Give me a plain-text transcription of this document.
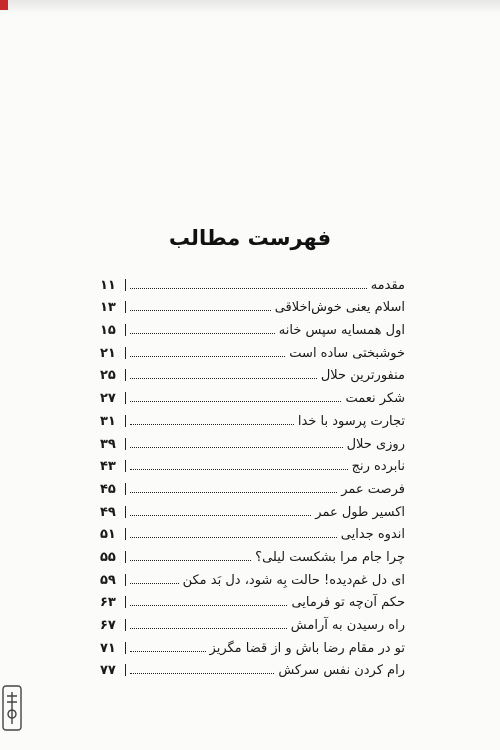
فهرست مطالب
مقدمه
۱۱
اسلام یعنی خوش‌اخلاقی
۱۳
اول همسایه سپس خانه
۱۵
خوشبختی ساده است
۲۱
منفورترین حلال
۲۵
شکر نعمت
۲۷
تجارت پرسود با خدا
۳۱
روزی حلال
۳۹
نابرده رنج
۴۳
فرصت عمر
۴۵
اکسیر طول عمر
۴۹
اندوه جدایی
۵۱
چرا جام مرا بشکست لیلی؟
۵۵
ای دل غم‌دیده! حالت بِه شود، دل بَد مکن
۵۹
حکم آن‌چه تو فرمایی
۶۳
راه رسیدن به آرامش
۶۷
تو در مقام رضا باش و از قضا مگریز
۷۱
رام کردن نفس سرکش
۷۷
